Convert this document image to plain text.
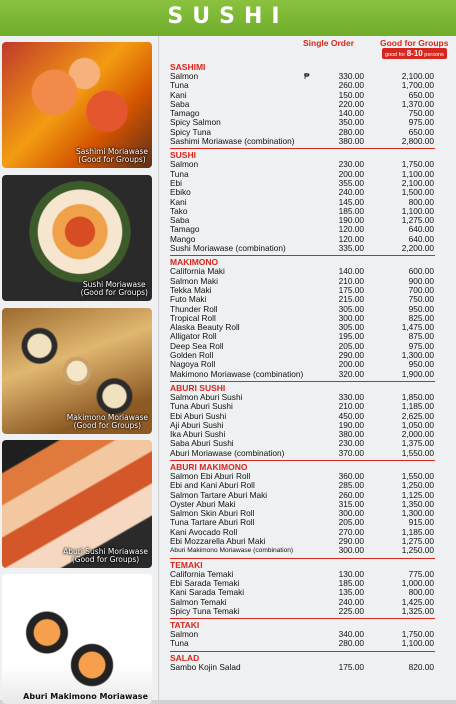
SUSHI
Sashimi Moriawase
(Good for Groups)
Sushi Moriawase
(Good for Groups)
Makimono Moriawase
(Good for Groups)
Aburi Sushi Moriawase
(Good for Groups)
Aburi Makimono Moriawase
Single Order	Good for Groups
good for 8-10 persons
SASHIMI
Salmon	₱	330.00	2,100.00
Tuna	260.00	1,700.00
Kani	150.00	650.00
Saba	220.00	1,370.00
Tamago	140.00	750.00
Spicy Salmon	350.00	975.00
Spicy Tuna	280.00	650.00
Sashimi Moriawase (combination)	380.00	2,800.00
SUSHI
Salmon	230.00	1,750.00
Tuna	200.00	1,100.00
Ebi	355.00	2,100.00
Ebiko	240.00	1,500.00
Kani	145.00	800.00
Tako	185.00	1,100.00
Saba	190.00	1,275.00
Tamago	120.00	640.00
Mango	120.00	640.00
Sushi Moriawase (combination)	335.00	2,200.00
MAKIMONO
California Maki	140.00	600.00
Salmon Maki	210.00	900.00
Tekka Maki	175.00	700.00
Futo Maki	215.00	750.00
Thunder Roll	305.00	950.00
Tropical Roll	300.00	825.00
Alaska Beauty Roll	305.00	1,475.00
Alligator Roll	195.00	875.00
Deep Sea Roll	205.00	975.00
Golden Roll	290.00	1,300.00
Nagoya Roll	200.00	950.00
Makimono Moriawase (combination)	320.00	1,900.00
ABURI SUSHI
Salmon Aburi Sushi	330.00	1,850.00
Tuna Aburi Sushi	210.00	1,185.00
Ebi Aburi Sushi	450.00	2,625.00
Aji Aburi Sushi	190.00	1,050.00
Ika Aburi Sushi	380.00	2,000.00
Saba Aburi Sushi	230.00	1,375.00
Aburi Moriawase (combination)	370.00	1,550.00
ABURI MAKIMONO
Salmon Ebi Aburi Roll	360.00	1,550.00
Ebi and Kani Aburi Roll	285.00	1,250.00
Salmon Tartare Aburi Maki	260.00	1,125.00
Oyster Aburi Maki	315.00	1,350.00
Salmon Skin Aburi Roll	300.00	1,300.00
Tuna Tartare Aburi Roll	205.00	915.00
Kani Avocado Roll	270.00	1,185.00
Ebi Mozzarella Aburi Maki	290.00	1,275.00
Aburi Makimono Moriawase (combination)	300.00	1,250.00
TEMAKI
California Temaki	130.00	775.00
Ebi Sarada Temaki	185.00	1,000.00
Kani Sarada Temaki	135.00	800.00
Salmon Temaki	240.00	1,425.00
Spicy Tuna Temaki	225.00	1,325.00
TATAKI
Salmon	340.00	1,750.00
Tuna	280.00	1,100.00
SALAD
Sambo Kojin Salad	175.00	820.00
